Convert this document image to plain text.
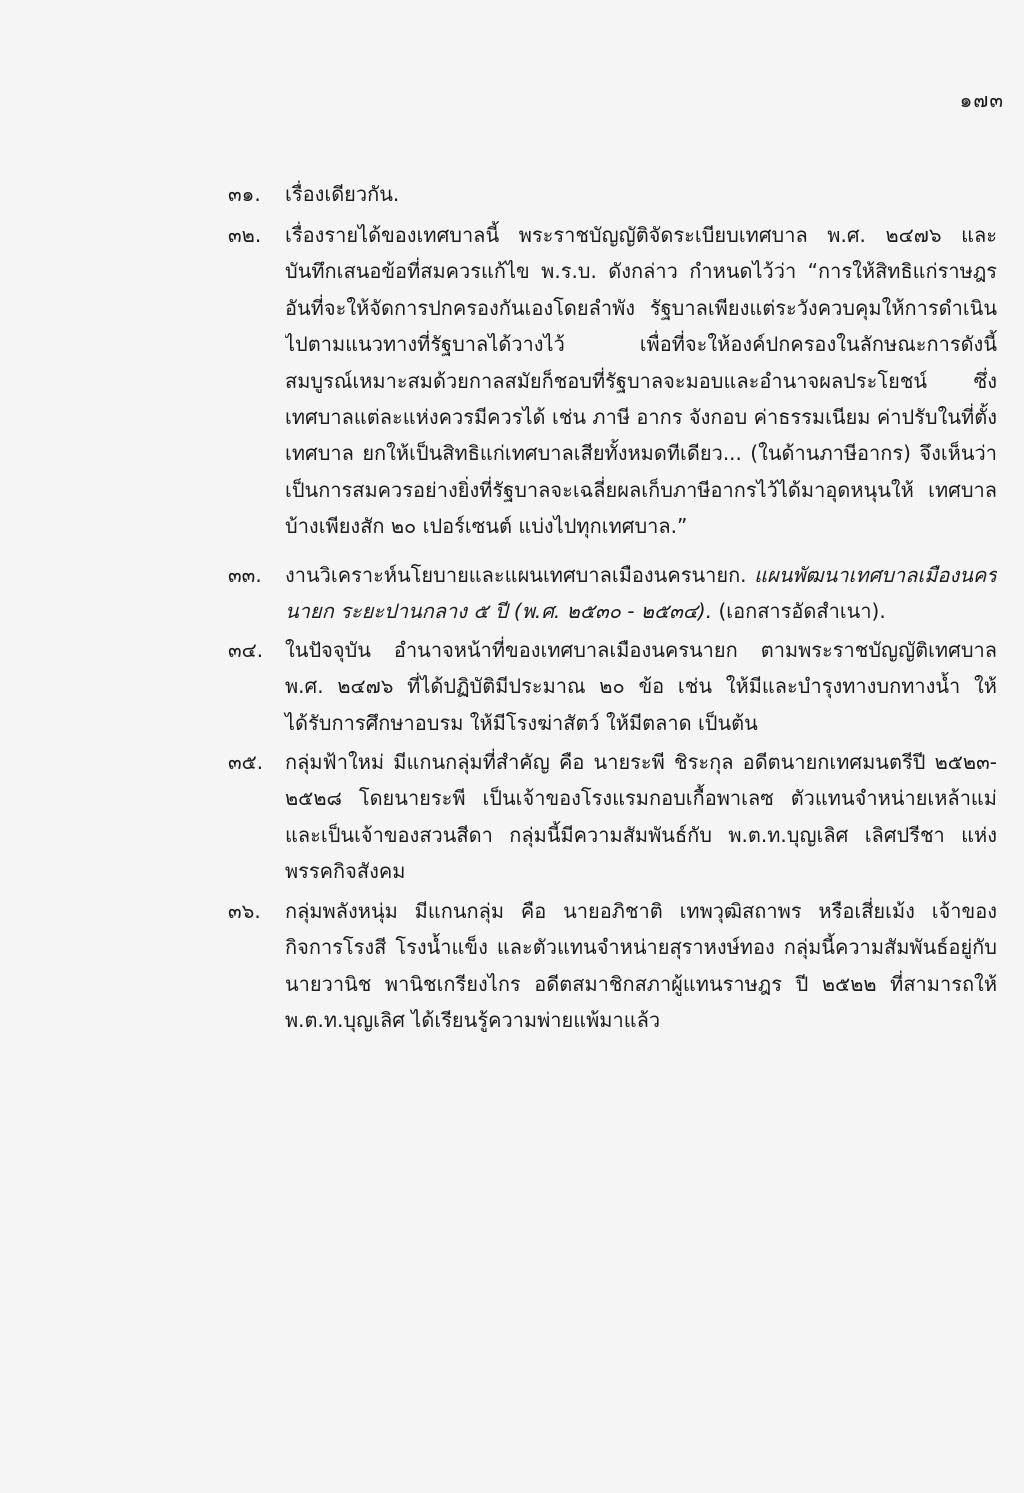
๑๗๓
๓๑. เรื่องเดียวกัน.
๓๒. เรื่องรายได้ของเทศบาลนี้ พระราชบัญญัติจัดระเบียบเทศบาล พ.ศ. ๒๔๗๖ และ
บันทึกเสนอข้อที่สมควรแก้ไข พ.ร.บ. ดังกล่าว กำหนดไว้ว่า “การให้สิทธิแก่ราษฎร
อันที่จะให้จัดการปกครองกันเองโดยลำพัง รัฐบาลเพียงแต่ระวังควบคุมให้การดำเนิน
ไปตามแนวทางที่รัฐบาลได้วางไว้ เพื่อที่จะให้องค์ปกครองในลักษณะการดังนี้
สมบูรณ์เหมาะสมด้วยกาลสมัยก็ชอบที่รัฐบาลจะมอบและอำนาจผลประโยชน์ ซึ่ง
เทศบาลแต่ละแห่งควรมีควรได้ เช่น ภาษี อากร จังกอบ ค่าธรรมเนียม ค่าปรับในที่ตั้ง
เทศบาล ยกให้เป็นสิทธิแก่เทศบาลเสียทั้งหมดทีเดียว... (ในด้านภาษีอากร) จึงเห็นว่า
เป็นการสมควรอย่างยิ่งที่รัฐบาลจะเฉลี่ยผลเก็บภาษีอากรไว้ได้มาอุดหนุนให้ เทศบาล
บ้างเพียงสัก ๒๐ เปอร์เซนต์ แบ่งไปทุกเทศบาล.”
๓๓. งานวิเคราะห์นโยบายและแผนเทศบาลเมืองนครนายก. แผนพัฒนาเทศบาลเมืองนคร
นายก ระยะปานกลาง ๕ ปี (พ.ศ. ๒๕๓๐ - ๒๕๓๔). (เอกสารอัดสำเนา).
๓๔. ในปัจจุบัน อำนาจหน้าที่ของเทศบาลเมืองนครนายก ตามพระราชบัญญัติเทศบาล
พ.ศ. ๒๔๗๖ ที่ได้ปฏิบัติมีประมาณ ๒๐ ข้อ เช่น ให้มีและบำรุงทางบกทางน้ำ ให้
ได้รับการศึกษาอบรม ให้มีโรงฆ่าสัตว์ ให้มีตลาด เป็นต้น
๓๕. กลุ่มฟ้าใหม่ มีแกนกลุ่มที่สำคัญ คือ นายระพี ชิระกุล อดีตนายกเทศมนตรีปี ๒๕๒๓-
๒๕๒๘ โดยนายระพี เป็นเจ้าของโรงแรมกอบเกื้อพาเลซ ตัวแทนจำหน่ายเหล้าแม่
และเป็นเจ้าของสวนสีดา กลุ่มนี้มีความสัมพันธ์กับ พ.ต.ท.บุญเลิศ เลิศปรีชา แห่ง
พรรคกิจสังคม
๓๖. กลุ่มพลังหนุ่ม มีแกนกลุ่ม คือ นายอภิชาติ เทพวุฒิสถาพร หรือเสี่ยเม้ง เจ้าของ
กิจการโรงสี โรงน้ำแข็ง และตัวแทนจำหน่ายสุราหงษ์ทอง กลุ่มนี้ความสัมพันธ์อยู่กับ
นายวานิช พานิชเกรียงไกร อดีตสมาชิกสภาผู้แทนราษฎร ปี ๒๕๒๒ ที่สามารถให้
พ.ต.ท.บุญเลิศ ได้เรียนรู้ความพ่ายแพ้มาแล้ว
